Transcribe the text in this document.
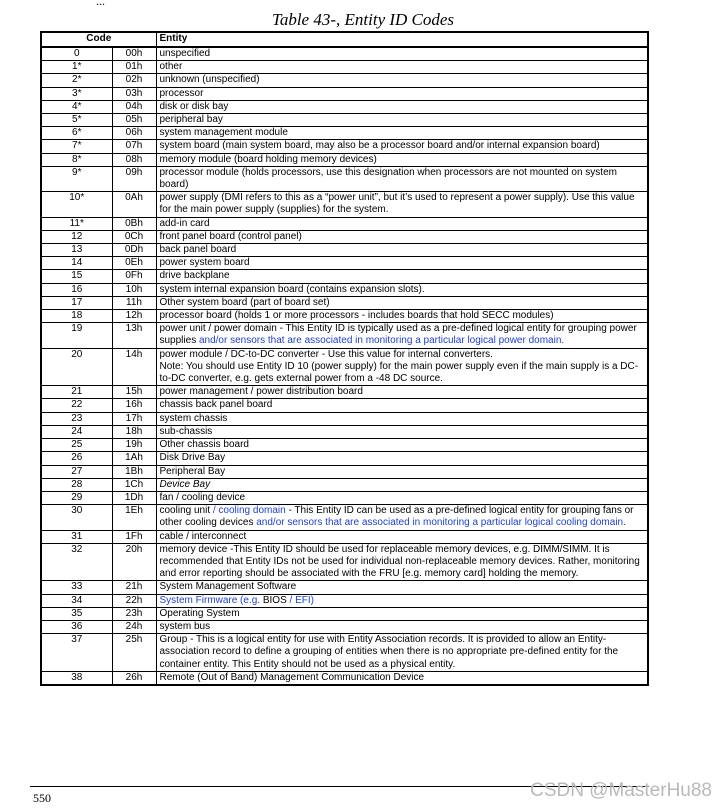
...
Table 43-, Entity ID Codes
Code		Entity
0	00h	unspecified
1*	01h	other
2*	02h	unknown (unspecified)
3*	03h	processor
4*	04h	disk or disk bay
5*	05h	peripheral bay
6*	06h	system management module
7*	07h	system board (main system board, may also be a processor board and/or internal expansion board)
8*	08h	memory module (board holding memory devices)
9*	09h	processor module (holds processors, use this designation when processors are not mounted on system board)
10*	0Ah	power supply (DMI refers to this as a “power unit”, but it’s used to represent a power supply). Use this value for the main power supply (supplies) for the system.
11*	0Bh	add-in card
12	0Ch	front panel board (control panel)
13	0Dh	back panel board
14	0Eh	power system board
15	0Fh	drive backplane
16	10h	system internal expansion board (contains expansion slots).
17	11h	Other system board (part of board set)
18	12h	processor board (holds 1 or more processors - includes boards that hold SECC modules)
19	13h	power unit / power domain - This Entity ID is typically used as a pre-defined logical entity for grouping power supplies and/or sensors that are associated in monitoring a particular logical power domain.
20	14h	power module / DC-to-DC converter - Use this value for internal converters.
Note: You should use Entity ID 10 (power supply) for the main power supply even if the main supply is a DC-to-DC converter, e.g. gets external power from a -48 DC source.
21	15h	power management / power distribution board
22	16h	chassis back panel board
23	17h	system chassis
24	18h	sub-chassis
25	19h	Other chassis board
26	1Ah	Disk Drive Bay
27	1Bh	Peripheral Bay
28	1Ch	Device Bay
29	1Dh	fan / cooling device
30	1Eh	cooling unit / cooling domain - This Entity ID can be used as a pre-defined logical entity for grouping fans or other cooling devices and/or sensors that are associated in monitoring a particular logical cooling domain.
31	1Fh	cable / interconnect
32	20h	memory device -This Entity ID should be used for replaceable memory devices, e.g. DIMM/SIMM. It is recommended that Entity IDs not be used for individual non-replaceable memory devices. Rather, monitoring and error reporting should be associated with the FRU [e.g. memory card] holding the memory.
33	21h	System Management Software
34	22h	System Firmware (e.g. BIOS / EFI)
35	23h	Operating System
36	24h	system bus
37	25h	Group - This is a logical entity for use with Entity Association records. It is provided to allow an Entity-association record to define a grouping of entities when there is no appropriate pre-defined entity for the container entity. This Entity should not be used as a physical entity.
38	26h	Remote (Out of Band) Management Communication Device
550	CSDN @MasterHu88
